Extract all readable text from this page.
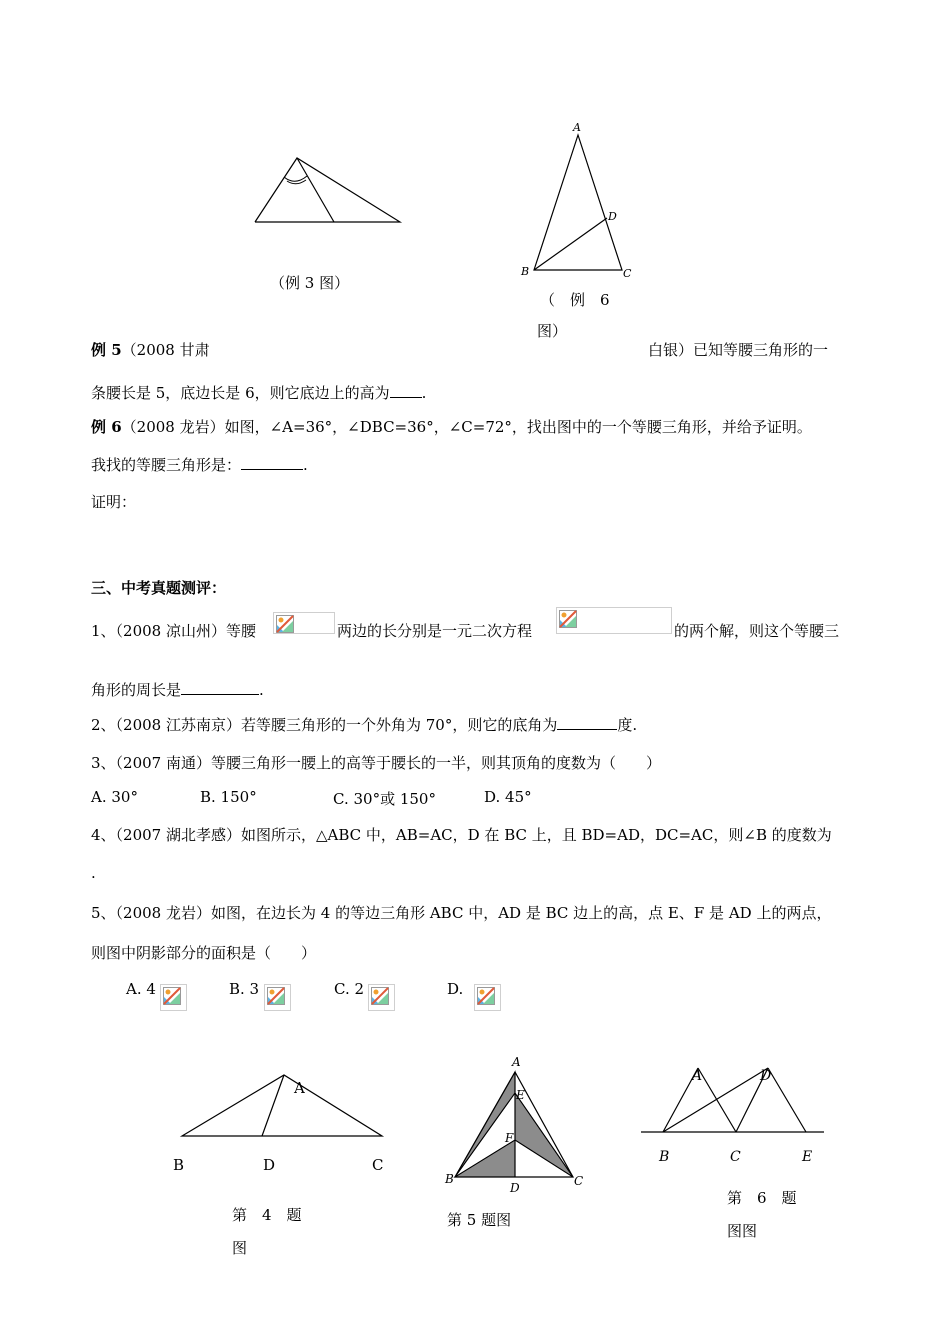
（例 3 图）
A
B	C
D
（　例　6
图）
例 5（2008 甘肃	白银）已知等腰三角形的一
条腰长是 5，底边长是 6，则它底边上的高为 .
例 6（2008 龙岩）如图，∠A=36°，∠DBC=36°，∠C=72°，找出图中的一个等腰三角形，并给予证明。
我找的等腰三角形是：	.
证明：
三、中考真题测评：
1、（2008 凉山州）等腰	两边的长分别是一元二次方程	的两个解，则这个等腰三
角形的周长是	.
2、（2008 江苏南京）若等腰三角形的一个外角为 70°，则它的底角为	度.
3、（2007 南通）等腰三角形一腰上的高等于腰长的一半，则其顶角的度数为（　　）
A. 30°	B. 150°	C. 30°或 150°	D. 45°
4、（2007 湖北孝感）如图所示，△ABC 中，AB=AC，D 在 BC 上，且 BD=AD，DC=AC，则∠B 的度数为
.
5、（2008 龙岩）如图，在边长为 4 的等边三角形 ABC 中，AD 是 BC 边上的高，点 E、F 是 AD 上的两点，
则图中阴影部分的面积是（　　）
A. 4	B. 3	C. 2	D.
A
B	D	C
第　4　题
图
A
E
F
B	C
D
第 5 题图
A	D
B	C	E
第　6　题
图图
